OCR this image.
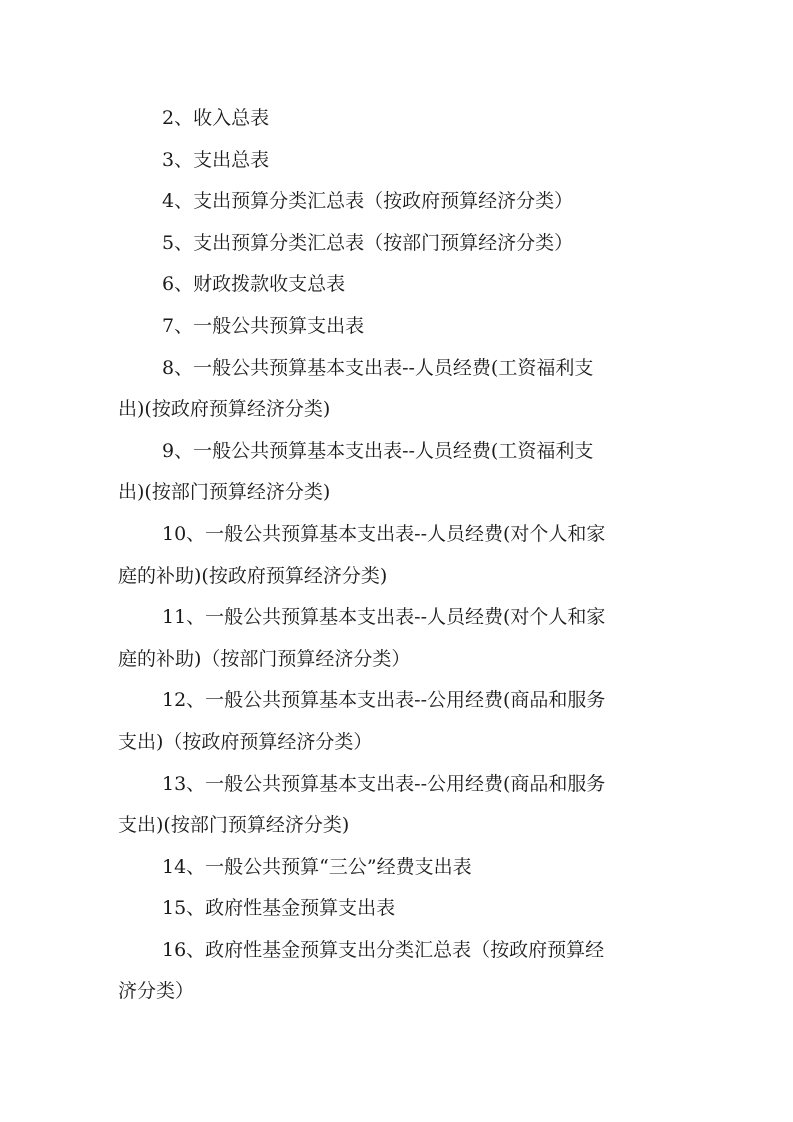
2、收入总表
3、支出总表
4、支出预算分类汇总表（按政府预算经济分类）
5、支出预算分类汇总表（按部门预算经济分类）
6、财政拨款收支总表
7、一般公共预算支出表
8、一般公共预算基本支出表--人员经费(工资福利支
出)(按政府预算经济分类)
9、一般公共预算基本支出表--人员经费(工资福利支
出)(按部门预算经济分类)
10、一般公共预算基本支出表--人员经费(对个人和家
庭的补助)(按政府预算经济分类)
11、一般公共预算基本支出表--人员经费(对个人和家
庭的补助)（按部门预算经济分类）
12、一般公共预算基本支出表--公用经费(商品和服务
支出)（按政府预算经济分类）
13、一般公共预算基本支出表--公用经费(商品和服务
支出)(按部门预算经济分类)
14、一般公共预算“三公”经费支出表
15、政府性基金预算支出表
16、政府性基金预算支出分类汇总表（按政府预算经
济分类）
